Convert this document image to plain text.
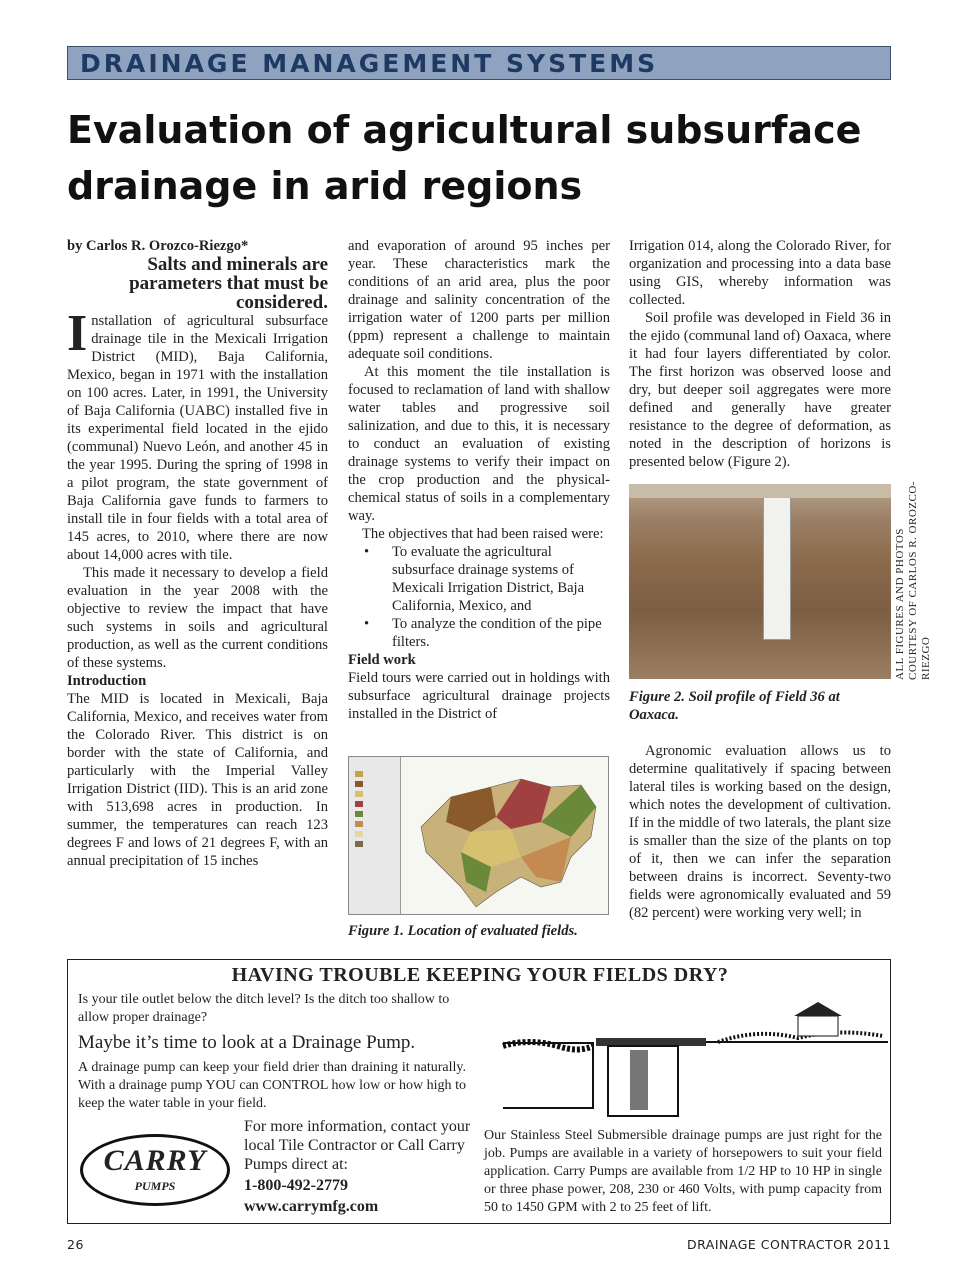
DRAINAGE MANAGEMENT SYSTEMS
Evaluation of agricultural subsurface drainage in arid regions

by Carlos R. Orozco-Riezgo*

Salts and minerals are parameters that must be considered.

Installation of agricultural subsurface drainage tile in the Mexicali Irrigation District (MID), Baja California, Mexico, began in 1971 with the installation on 100 acres. Later, in 1991, the University of Baja California (UABC) installed five in its experimental field located in the ejido (communal) Nuevo León, and another 45 in the year 1995. During the spring of 1998 in a pilot program, the state government of Baja California gave funds to farmers to install tile in four fields with a total area of 145 acres, to 2010, where there are now about 14,000 acres with tile.

This made it necessary to develop a field evaluation in the year 2008 with the objective to review the impact that have such systems in soils and agricultural production, as well as the current conditions of these systems.

Introduction

The MID is located in Mexicali, Baja California, Mexico, and receives water from the Colorado River. This district is on border with the state of California, and particularly with the Imperial Valley Irrigation District (IID). This is an arid zone with 513,698 acres in production. In summer, the temperatures can reach 123 degrees F and lows of 21 degrees F, with an annual precipitation of 15 inches

and evaporation of around 95 inches per year. These characteristics mark the conditions of an arid area, plus the poor drainage and salinity concentration of the irrigation water of 1200 parts per million (ppm) represent a challenge to maintain adequate soil conditions.

At this moment the tile installation is focused to reclamation of land with shallow water tables and progressive soil salinization, and due to this, it is necessary to conduct an evaluation of existing drainage systems to verify their impact on the crop production and the physical-chemical status of soils in a complementary way.

The objectives that had been raised were:

• To evaluate the agricultural subsurface drainage systems of Mexicali Irrigation District, Baja California, Mexico, and
• To analyze the condition of the pipe filters.

Field work

Field tours were carried out in holdings with subsurface agricultural drainage projects installed in the District of

Figure 1. Location of evaluated fields.

Irrigation 014, along the Colorado River, for organization and processing into a data base using GIS, whereby information was collected.

Soil profile was developed in Field 36 in the ejido (communal land of) Oaxaca, where it had four layers differentiated by color. The first horizon was observed loose and dry, but deeper soil aggregates were more defined and generally have greater resistance to the degree of deformation, as noted in the description of horizons is presented below (Figure 2).

Figure 2. Soil profile of Field 36 at Oaxaca.

Agronomic evaluation allows us to determine qualitatively if spacing between lateral tiles is working based on the design, which notes the development of cultivation. If in the middle of two laterals, the plant size is smaller than the size of the plants on top of it, then we can infer the separation between drains is incorrect. Seventy-two fields were agronomically evaluated and 59 (82 percent) were working very well; in

ALL FIGURES AND PHOTOS COURTESY OF CARLOS R. OROZCO-RIEZGO
HAVING TROUBLE KEEPING YOUR FIELDS DRY?
Is your tile outlet below the ditch level? Is the ditch too shallow to allow proper drainage?
Maybe it’s time to look at a Drainage Pump.
A drainage pump can keep your field drier than draining it naturally. With a drainage pump YOU can CONTROL how low or how high to keep the water table in your field.
CARRY
PUMPS
For more information, contact your local Tile Contractor or Call Carry Pumps direct at:
1-800-492-2779
www.carrymfg.com
Our Stainless Steel Submersible drainage pumps are just right for the job. Pumps are available in a variety of horsepowers to suit your field application. Carry Pumps are available from 1/2 HP to 10 HP in single or three phase power, 208, 230 or 460 Volts, with pump capacity from 50 to 1450 GPM with 2 to 25 feet of lift.
26	DRAINAGE CONTRACTOR 2011
